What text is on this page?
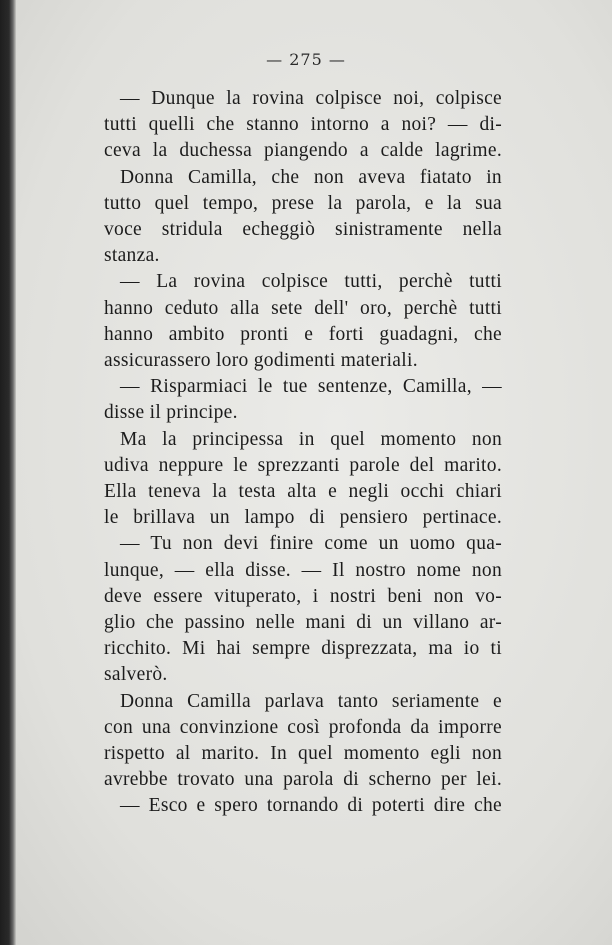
— 275 —
— Dunque la rovina colpisce noi, colpisce
tutti quelli che stanno intorno a noi? — di-
ceva la duchessa piangendo a calde lagrime.
Donna Camilla, che non aveva fiatato in
tutto quel tempo, prese la parola, e la sua
voce stridula echeggiò sinistramente nella
stanza.
— La rovina colpisce tutti, perchè tutti
hanno ceduto alla sete dell' oro, perchè tutti
hanno ambito pronti e forti guadagni, che
assicurassero loro godimenti materiali.
— Risparmiaci le tue sentenze, Camilla, —
disse il principe.
Ma la principessa in quel momento non
udiva neppure le sprezzanti parole del marito.
Ella teneva la testa alta e negli occhi chiari
le brillava un lampo di pensiero pertinace.
— Tu non devi finire come un uomo qua-
lunque, — ella disse. — Il nostro nome non
deve essere vituperato, i nostri beni non vo-
glio che passino nelle mani di un villano ar-
ricchito. Mi hai sempre disprezzata, ma io ti
salverò.
Donna Camilla parlava tanto seriamente e
con una convinzione così profonda da imporre
rispetto al marito. In quel momento egli non
avrebbe trovato una parola di scherno per lei.
— Esco e spero tornando di poterti dire che
